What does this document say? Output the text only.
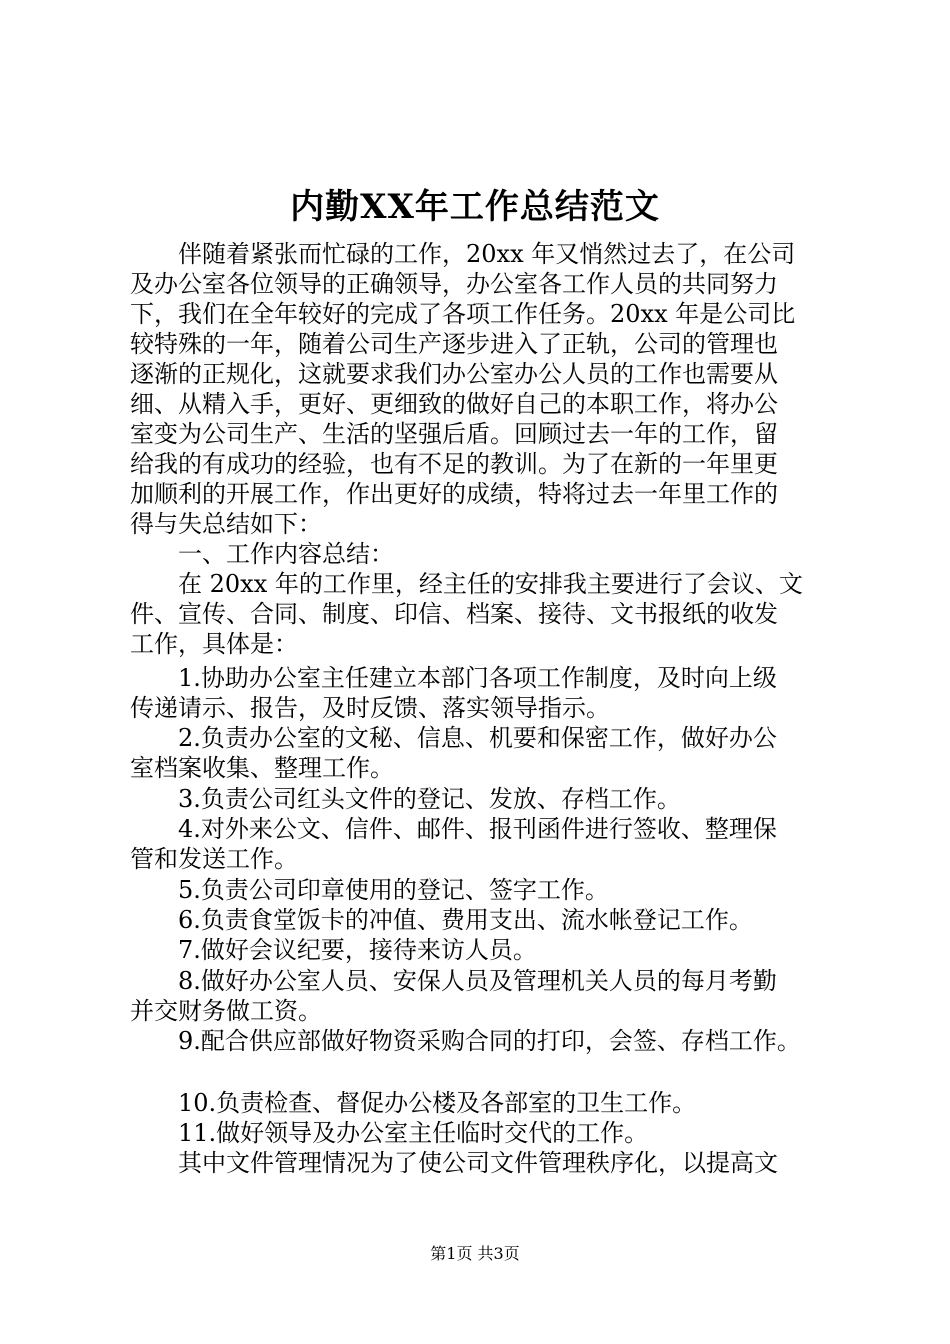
内勤XX年工作总结范文
伴随着紧张而忙碌的工作，20xx 年又悄然过去了，在公司
及办公室各位领导的正确领导，办公室各工作人员的共同努力
下，我们在全年较好的完成了各项工作任务。20xx 年是公司比
较特殊的一年，随着公司生产逐步进入了正轨，公司的管理也
逐渐的正规化，这就要求我们办公室办公人员的工作也需要从
细、从精入手，更好、更细致的做好自己的本职工作，将办公
室变为公司生产、生活的坚强后盾。回顾过去一年的工作，留
给我的有成功的经验，也有不足的教训。为了在新的一年里更
加顺利的开展工作，作出更好的成绩，特将过去一年里工作的
得与失总结如下：
一、工作内容总结：
在 20xx 年的工作里，经主任的安排我主要进行了会议、文
件、宣传、合同、制度、印信、档案、接待、文书报纸的收发
工作，具体是：
1.协助办公室主任建立本部门各项工作制度，及时向上级
传递请示、报告，及时反馈、落实领导指示。
2.负责办公室的文秘、信息、机要和保密工作，做好办公
室档案收集、整理工作。
3.负责公司红头文件的登记、发放、存档工作。
4.对外来公文、信件、邮件、报刊函件进行签收、整理保
管和发送工作。
5.负责公司印章使用的登记、签字工作。
6.负责食堂饭卡的冲值、费用支出、流水帐登记工作。
7.做好会议纪要，接待来访人员。
8.做好办公室人员、安保人员及管理机关人员的每月考勤
并交财务做工资。
9.配合供应部做好物资采购合同的打印，会签、存档工作。
10.负责检查、督促办公楼及各部室的卫生工作。
11.做好领导及办公室主任临时交代的工作。
其中文件管理情况为了使公司文件管理秩序化，以提高文
第1页 共3页
